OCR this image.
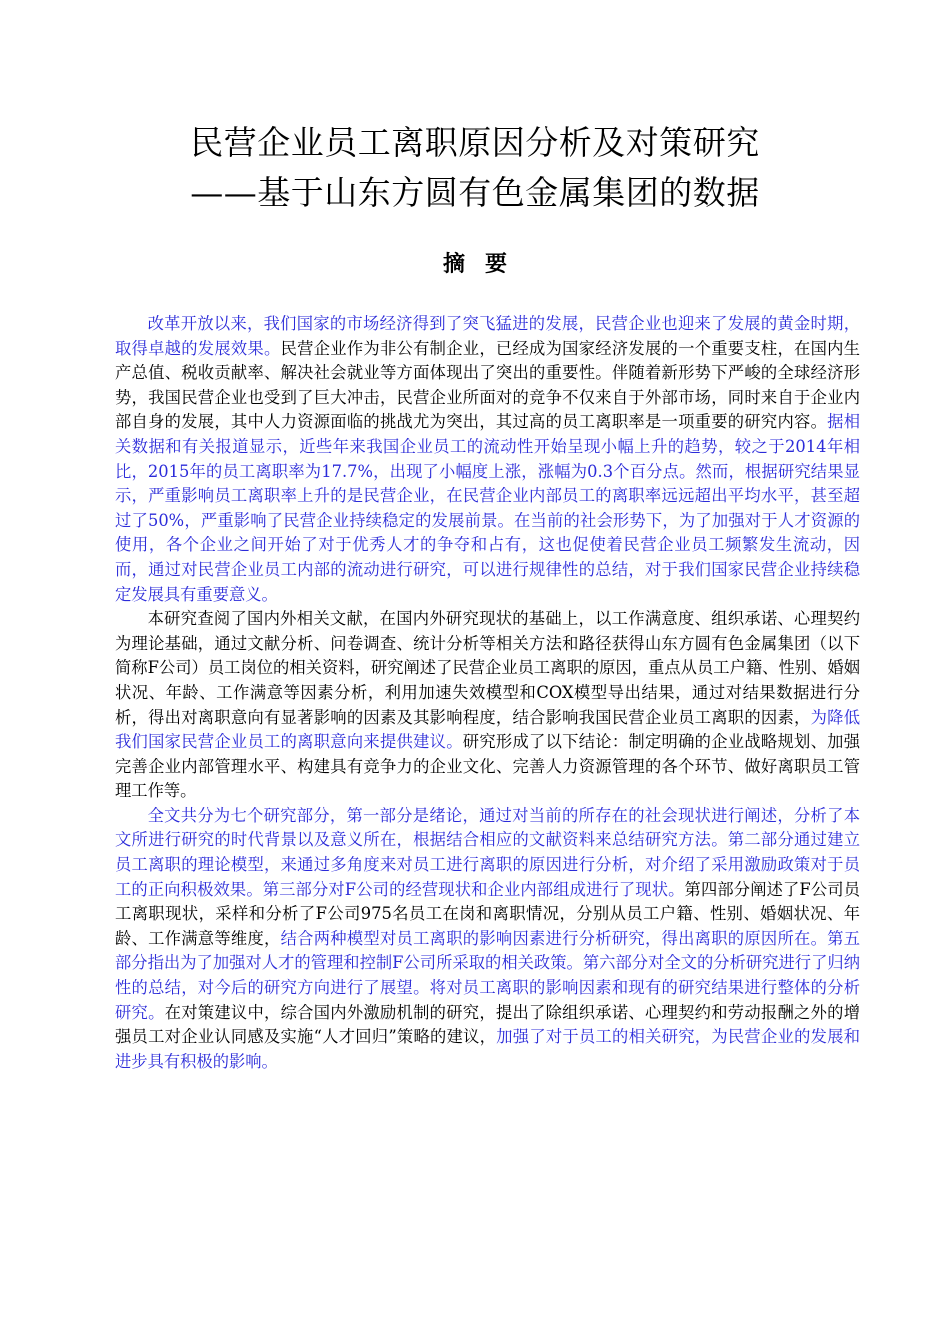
民营企业员工离职原因分析及对策研究
——基于山东方圆有色金属集团的数据
摘 要

改革开放以来，我们国家的市场经济得到了突飞猛进的发展，民营企业也迎来了发展的黄金时期，取得卓越的发展效果。民营企业作为非公有制企业，已经成为国家经济发展的一个重要支柱，在国内生产总值、税收贡献率、解决社会就业等方面体现出了突出的重要性。伴随着新形势下严峻的全球经济形势，我国民营企业也受到了巨大冲击，民营企业所面对的竞争不仅来自于外部市场，同时来自于企业内部自身的发展，其中人力资源面临的挑战尤为突出，其过高的员工离职率是一项重要的研究内容。据相关数据和有关报道显示，近些年来我国企业员工的流动性开始呈现小幅上升的趋势，较之于2014年相比，2015年的员工离职率为17.7%，出现了小幅度上涨，涨幅为0.3个百分点。然而，根据研究结果显示，严重影响员工离职率上升的是民营企业，在民营企业内部员工的离职率远远超出平均水平，甚至超过了50%，严重影响了民营企业持续稳定的发展前景。在当前的社会形势下，为了加强对于人才资源的使用，各个企业之间开始了对于优秀人才的争夺和占有，这也促使着民营企业员工频繁发生流动，因而，通过对民营企业员工内部的流动进行研究，可以进行规律性的总结，对于我们国家民营企业持续稳定发展具有重要意义。

本研究查阅了国内外相关文献，在国内外研究现状的基础上，以工作满意度、组织承诺、心理契约为理论基础，通过文献分析、问卷调查、统计分析等相关方法和路径获得山东方圆有色金属集团（以下简称F公司）员工岗位的相关资料，研究阐述了民营企业员工离职的原因，重点从员工户籍、性别、婚姻状况、年龄、工作满意等因素分析，利用加速失效模型和COX模型导出结果，通过对结果数据进行分析，得出对离职意向有显著影响的因素及其影响程度，结合影响我国民营企业员工离职的因素，为降低我们国家民营企业员工的离职意向来提供建议。研究形成了以下结论：制定明确的企业战略规划、加强完善企业内部管理水平、构建具有竞争力的企业文化、完善人力资源管理的各个环节、做好离职员工管理工作等。

全文共分为七个研究部分，第一部分是绪论，通过对当前的所存在的社会现状进行阐述，分析了本文所进行研究的时代背景以及意义所在，根据结合相应的文献资料来总结研究方法。第二部分通过建立员工离职的理论模型，来通过多角度来对员工进行离职的原因进行分析，对介绍了采用激励政策对于员工的正向积极效果。第三部分对F公司的经营现状和企业内部组成进行了现状。第四部分阐述了F公司员工离职现状，采样和分析了F公司975名员工在岗和离职情况，分别从员工户籍、性别、婚姻状况、年龄、工作满意等维度，结合两种模型对员工离职的影响因素进行分析研究，得出离职的原因所在。第五部分指出为了加强对人才的管理和控制F公司所采取的相关政策。第六部分对全文的分析研究进行了归纳性的总结，对今后的研究方向进行了展望。将对员工离职的影响因素和现有的研究结果进行整体的分析研究。在对策建议中，综合国内外激励机制的研究，提出了除组织承诺、心理契约和劳动报酬之外的增强员工对企业认同感及实施“人才回归”策略的建议，加强了对于员工的相关研究，为民营企业的发展和进步具有积极的影响。
